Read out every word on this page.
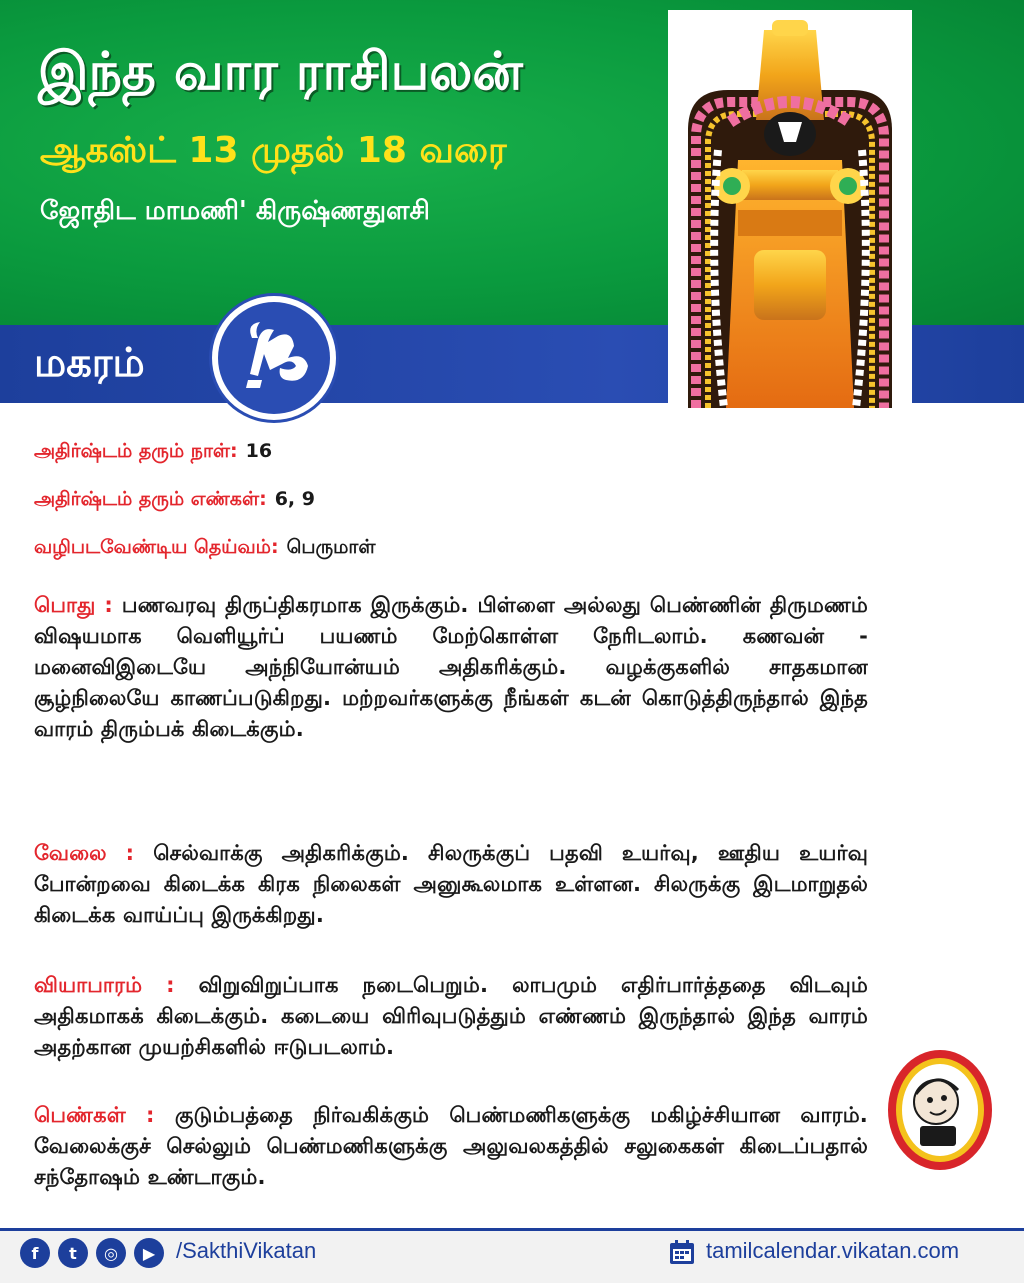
இந்த வார ராசிபலன்
ஆகஸ்ட் 13 முதல் 18 வரை
ஜோதிட மாமணி' கிருஷ்ணதுளசி
மகரம்
அதிர்ஷ்டம் தரும் நாள்: 16
அதிர்ஷ்டம் தரும் எண்கள்: 6, 9
வழிபடவேண்டிய தெய்வம்: பெருமாள்
பொது : பணவரவு திருப்திகரமாக இருக்கும். பிள்ளை அல்லது பெண்ணின் திருமணம் விஷயமாக வெளியூர்ப் பயணம் மேற்கொள்ள நேரிடலாம். கணவன் - மனைவிஇடையே அந்நியோன்யம் அதிகரிக்கும். வழக்குகளில் சாதகமான சூழ்நிலையே காணப்படுகிறது. மற்றவர்களுக்கு நீங்கள் கடன் கொடுத்திருந்தால் இந்த வாரம் திரும்பக் கிடைக்கும்.
வேலை : செல்வாக்கு அதிகரிக்கும். சிலருக்குப் பதவி உயர்வு, ஊதிய உயர்வு போன்றவை கிடைக்க கிரக நிலைகள் அனுகூலமாக உள்ளன. சிலருக்கு இடமாறுதல் கிடைக்க வாய்ப்பு இருக்கிறது.
வியாபாரம் : விறுவிறுப்பாக நடைபெறும். லாபமும் எதிர்பார்த்ததை விடவும் அதிகமாகக் கிடைக்கும். கடையை விரிவுபடுத்தும் எண்ணம் இருந்தால் இந்த வாரம் அதற்கான முயற்சிகளில் ஈடுபடலாம்.
பெண்கள் : குடும்பத்தை நிர்வகிக்கும் பெண்மணிகளுக்கு மகிழ்ச்சியான வாரம். வேலைக்குச் செல்லும் பெண்மணிகளுக்கு அலுவலகத்தில் சலுகைகள் கிடைப்பதால் சந்தோஷம் உண்டாகும்.
f	t	◎	▶ /SakthiVikatan	tamilcalendar.vikatan.com
